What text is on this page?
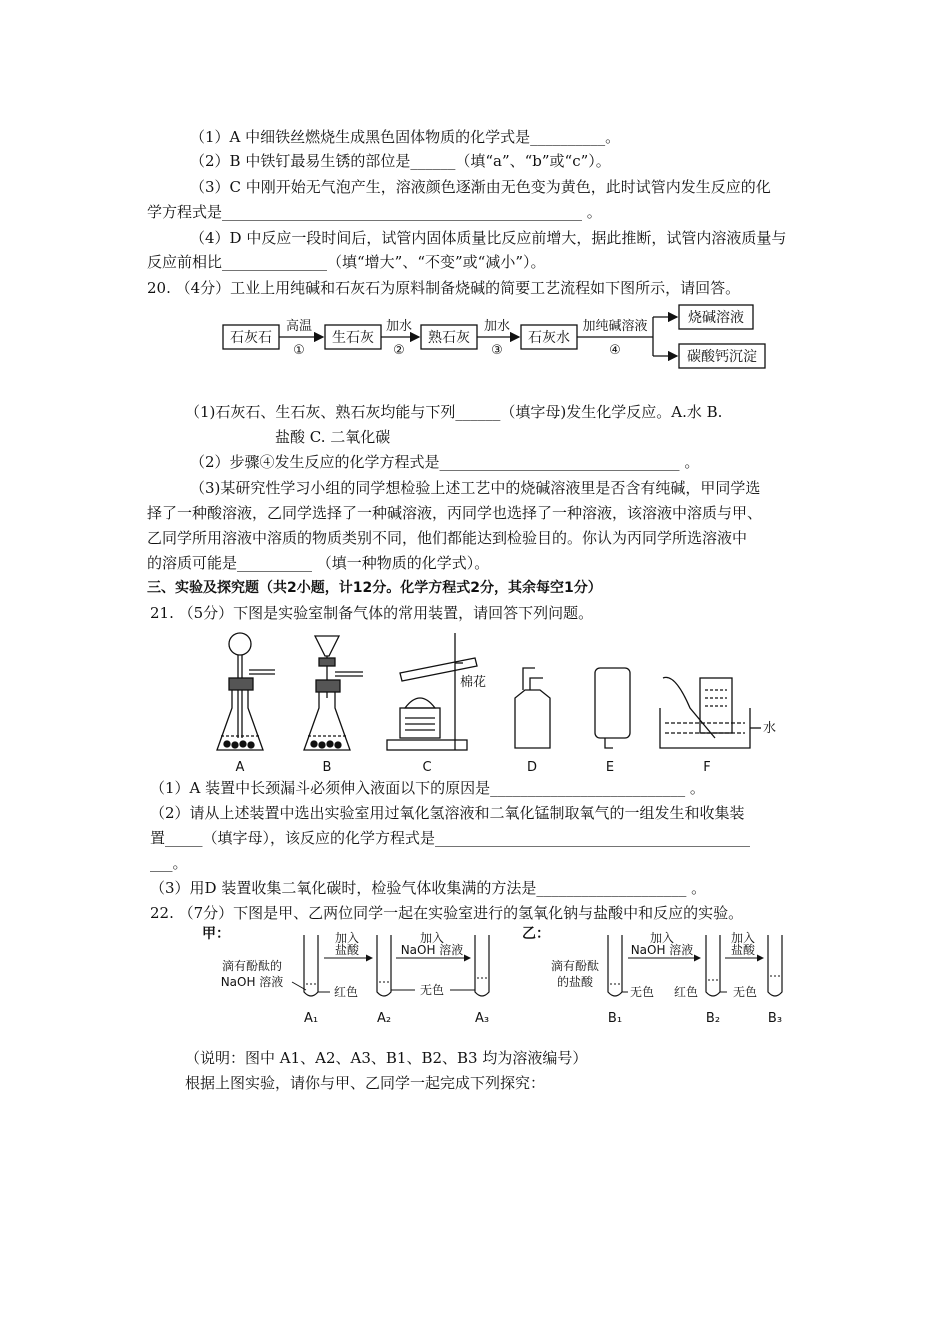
（1）A 中细铁丝燃烧生成黑色固体物质的化学式是__________。
（2）B 中铁钉最易生锈的部位是______（填“a”、“b”或“c”）。
（3）C 中刚开始无气泡产生，溶液颜色逐渐由无色变为黄色，此时试管内发生反应的化
学方程式是________________________________________________ 。
（4）D 中反应一段时间后，试管内固体质量比反应前增大，据此推断，试管内溶液质量与
反应前相比______________（填“增大”、“不变”或“减小”）。
20. （4分）工业上用纯碱和石灰石为原料制备烧碱的简要工艺流程如下图所示，请回答。
石灰石
高温
①
生石灰
加水
②
熟石灰
加水
③
石灰水
加纯碱溶液
④
烧碱溶液
碳酸钙沉淀
（1)石灰石、生石灰、熟石灰均能与下列______（填字母)发生化学反应。A.水 B.
盐酸 C. 二氧化碳
（2）步骤④发生反应的化学方程式是________________________________ 。
（3)某研究性学习小组的同学想检验上述工艺中的烧碱溶液里是否含有纯碱，甲同学选
择了一种酸溶液，乙同学选择了一种碱溶液，丙同学也选择了一种溶液，该溶液中溶质与甲、
乙同学所用溶液中溶质的物质类别不同，他们都能达到检验目的。你认为丙同学所选溶液中
的溶质可能是__________ （填一种物质的化学式）。
三、实验及探究题（共2小题，计12分。化学方程式2分，其余每空1分）
21. （5分）下图是实验室制备气体的常用装置，请回答下列问题。
A	B	C	D	E	F
棉花
水
（1）A 装置中长颈漏斗必须伸入液面以下的原因是__________________________ 。
（2）请从上述装置中选出实验室用过氧化氢溶液和二氧化锰制取氧气的一组发生和收集装
置_____（填字母），该反应的化学方程式是__________________________________________
___。
（3）用D 装置收集二氧化碳时，检验气体收集满的方法是____________________ 。
22. （7分）下图是甲、乙两位同学一起在实验室进行的氢氧化钠与盐酸中和反应的实验。
甲：
滴有酚酞的
NaOH 溶液
加入
盐酸
加入
NaOH 溶液
红色	无色
A₁	A₂	A₃
乙：
滴有酚酞
的盐酸
加入
NaOH 溶液
加入
盐酸
无色 红色	无色
B₁	B₂	B₃
（说明：图中 A1、A2、A3、B1、B2、B3 均为溶液编号）
根据上图实验，请你与甲、乙同学一起完成下列探究：
